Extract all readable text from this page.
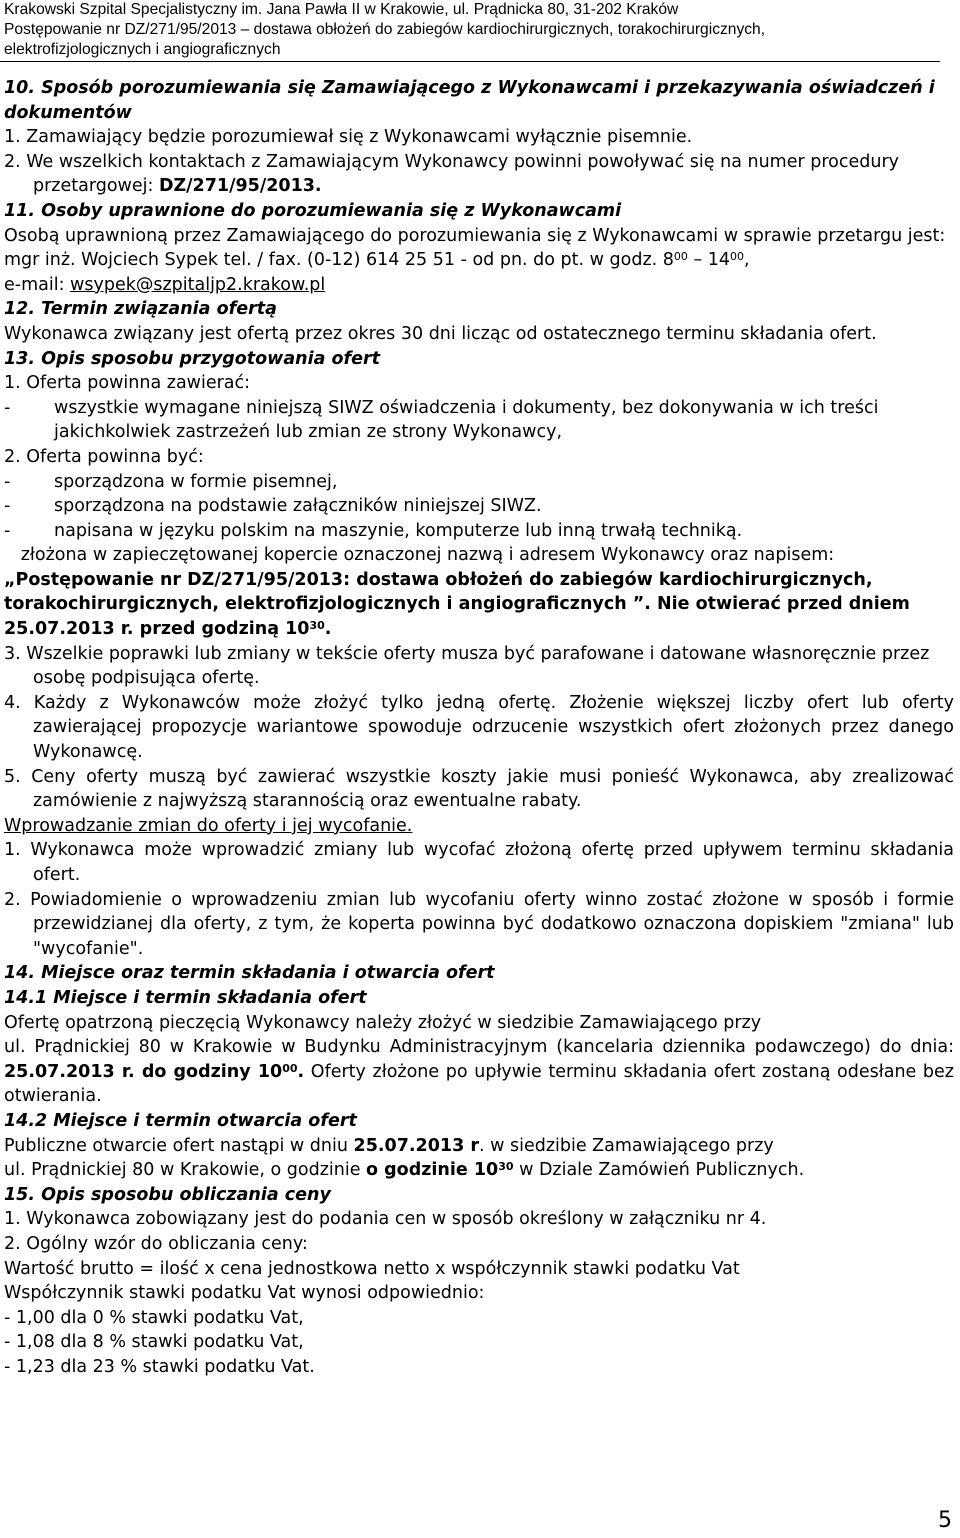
Krakowski Szpital Specjalistyczny im. Jana Pawła II w Krakowie, ul. Prądnicka 80, 31-202 Kraków
Postępowanie nr DZ/271/95/2013 – dostawa obłożeń do zabiegów kardiochirurgicznych, torakochirurgicznych,
elektrofizjologicznych i angiograficznych

10. Sposób porozumiewania się Zamawiającego z Wykonawcami i przekazywania oświadczeń i dokumentów

1. Zamawiający będzie porozumiewał się z Wykonawcami wyłącznie pisemnie.

2. We wszelkich kontaktach z Zamawiającym Wykonawcy powinni powoływać się na numer procedury przetargowej: DZ/271/95/2013.

11. Osoby uprawnione do porozumiewania się z Wykonawcami

Osobą uprawnioną przez Zamawiającego do porozumiewania się z Wykonawcami w sprawie przetargu jest:

mgr inż. Wojciech Sypek tel. / fax. (0-12) 614 25 51 - od pn. do pt. w godz. $8^{00} - 14^{00}$,

e-mail: wsypek@szpitaljp2.krakow.pl

12. Termin związania ofertą

Wykonawca związany jest ofertą przez okres 30 dni licząc od ostatecznego terminu składania ofert.

13. Opis sposobu przygotowania ofert

1. Oferta powinna zawierać:

- wszystkie wymagane niniejszą SIWZ oświadczenia i dokumenty, bez dokonywania w ich treści jakichkolwiek zastrzeżeń lub zmian ze strony Wykonawcy,

2. Oferta powinna być:

- sporządzona w formie pisemnej,

- sporządzona na podstawie załączników niniejszej SIWZ.

- napisana w języku polskim na maszynie, komputerze lub inną trwałą techniką.

złożona w zapieczętowanej kopercie oznaczonej nazwą i adresem Wykonawcy oraz napisem: „Postępowanie nr DZ/271/95/2013: dostawa obłożeń do zabiegów kardiochirurgicznych, torakochirurgicznych, elektrofizjologicznych i angiograficznych ”. Nie otwierać przed dniem 25.07.2013 r. przed godziną $10^{30}$.

3. Wszelkie poprawki lub zmiany w tekście oferty musza być parafowane i datowane własnoręcznie przez osobę podpisująca ofertę.

4. Każdy z Wykonawców może złożyć tylko jedną ofertę. Złożenie większej liczby ofert lub oferty zawierającej propozycje wariantowe spowoduje odrzucenie wszystkich ofert złożonych przez danego Wykonawcę.

5. Ceny oferty muszą być zawierać wszystkie koszty jakie musi ponieść Wykonawca, aby zrealizować zamówienie z najwyższą starannością oraz ewentualne rabaty.

Wprowadzanie zmian do oferty i jej wycofanie.

1. Wykonawca może wprowadzić zmiany lub wycofać złożoną ofertę przed upływem terminu składania ofert.

2. Powiadomienie o wprowadzeniu zmian lub wycofaniu oferty winno zostać złożone w sposób i formie przewidzianej dla oferty, z tym, że koperta powinna być dodatkowo oznaczona dopiskiem "zmiana" lub "wycofanie".

14. Miejsce oraz termin składania i otwarcia ofert

14.1 Miejsce i termin składania ofert

Ofertę opatrzoną pieczęcią Wykonawcy należy złożyć w siedzibie Zamawiającego przy

ul. Prądnickiej 80 w Krakowie w Budynku Administracyjnym (kancelaria dziennika podawczego) do dnia: 25.07.2013 r. do godziny $10^{00}$. Oferty złożone po upływie terminu składania ofert zostaną odesłane bez otwierania.

14.2 Miejsce i termin otwarcia ofert

Publiczne otwarcie ofert nastąpi w dniu 25.07.2013 r. w siedzibie Zamawiającego przy

ul. Prądnickiej 80 w Krakowie, o godzinie o godzinie $10^{30}$ w Dziale Zamówień Publicznych.

15. Opis sposobu obliczania ceny

1. Wykonawca zobowiązany jest do podania cen w sposób określony w załączniku nr 4.

2. Ogólny wzór do obliczania ceny:

Wartość brutto = ilość x cena jednostkowa netto x współczynnik stawki podatku Vat

Współczynnik stawki podatku Vat wynosi odpowiednio:

- 1,00 dla 0 % stawki podatku Vat,

- 1,08 dla 8 % stawki podatku Vat,

- 1,23 dla 23 % stawki podatku Vat.

5
